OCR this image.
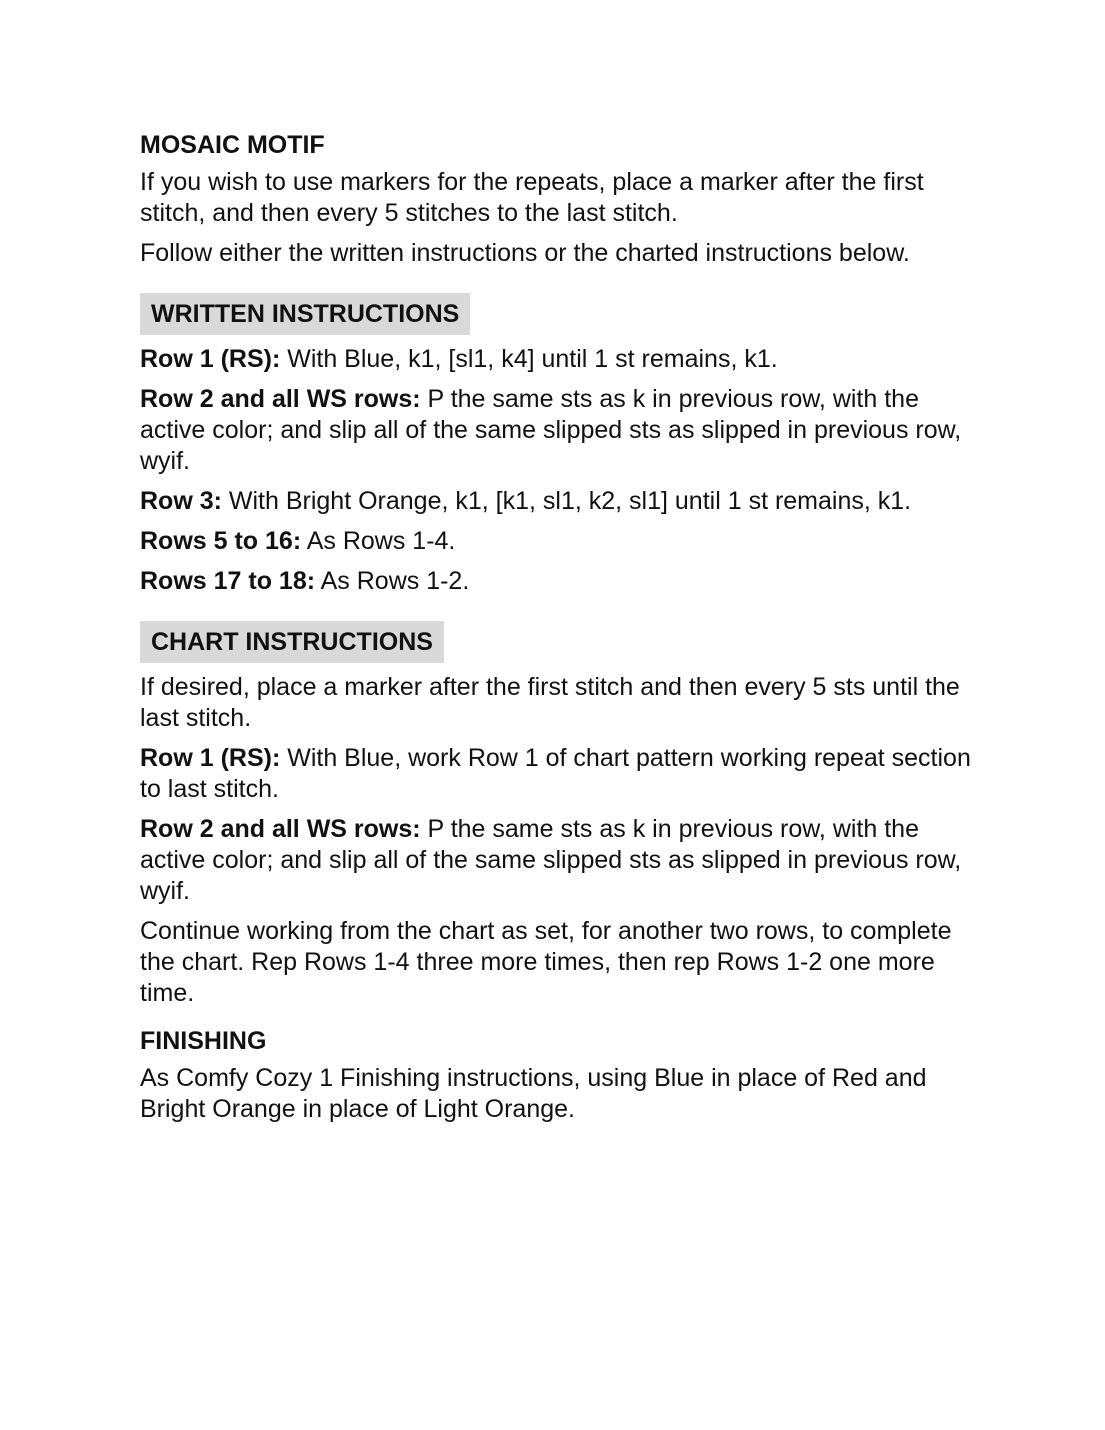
MOSAIC MOTIF

If you wish to use markers for the repeats, place a marker after the first stitch, and then every 5 stitches to the last stitch.

Follow either the written instructions or the charted instructions below.

WRITTEN INSTRUCTIONS

Row 1 (RS): With Blue, k1, [sl1, k4] until 1 st remains, k1.

Row 2 and all WS rows: P the same sts as k in previous row, with the active color; and slip all of the same slipped sts as slipped in previous row, wyif.

Row 3: With Bright Orange, k1, [k1, sl1, k2, sl1] until 1 st remains, k1.

Rows 5 to 16: As Rows 1-4.

Rows 17 to 18: As Rows 1-2.

CHART INSTRUCTIONS

If desired, place a marker after the first stitch and then every 5 sts until the last stitch.

Row 1 (RS): With Blue, work Row 1 of chart pattern working repeat section to last stitch.

Row 2 and all WS rows: P the same sts as k in previous row, with the active color; and slip all of the same slipped sts as slipped in previous row, wyif.

Continue working from the chart as set, for another two rows, to complete the chart. Rep Rows 1-4 three more times, then rep Rows 1-2 one more time.

FINISHING

As Comfy Cozy 1 Finishing instructions, using Blue in place of Red and Bright Orange in place of Light Orange.
